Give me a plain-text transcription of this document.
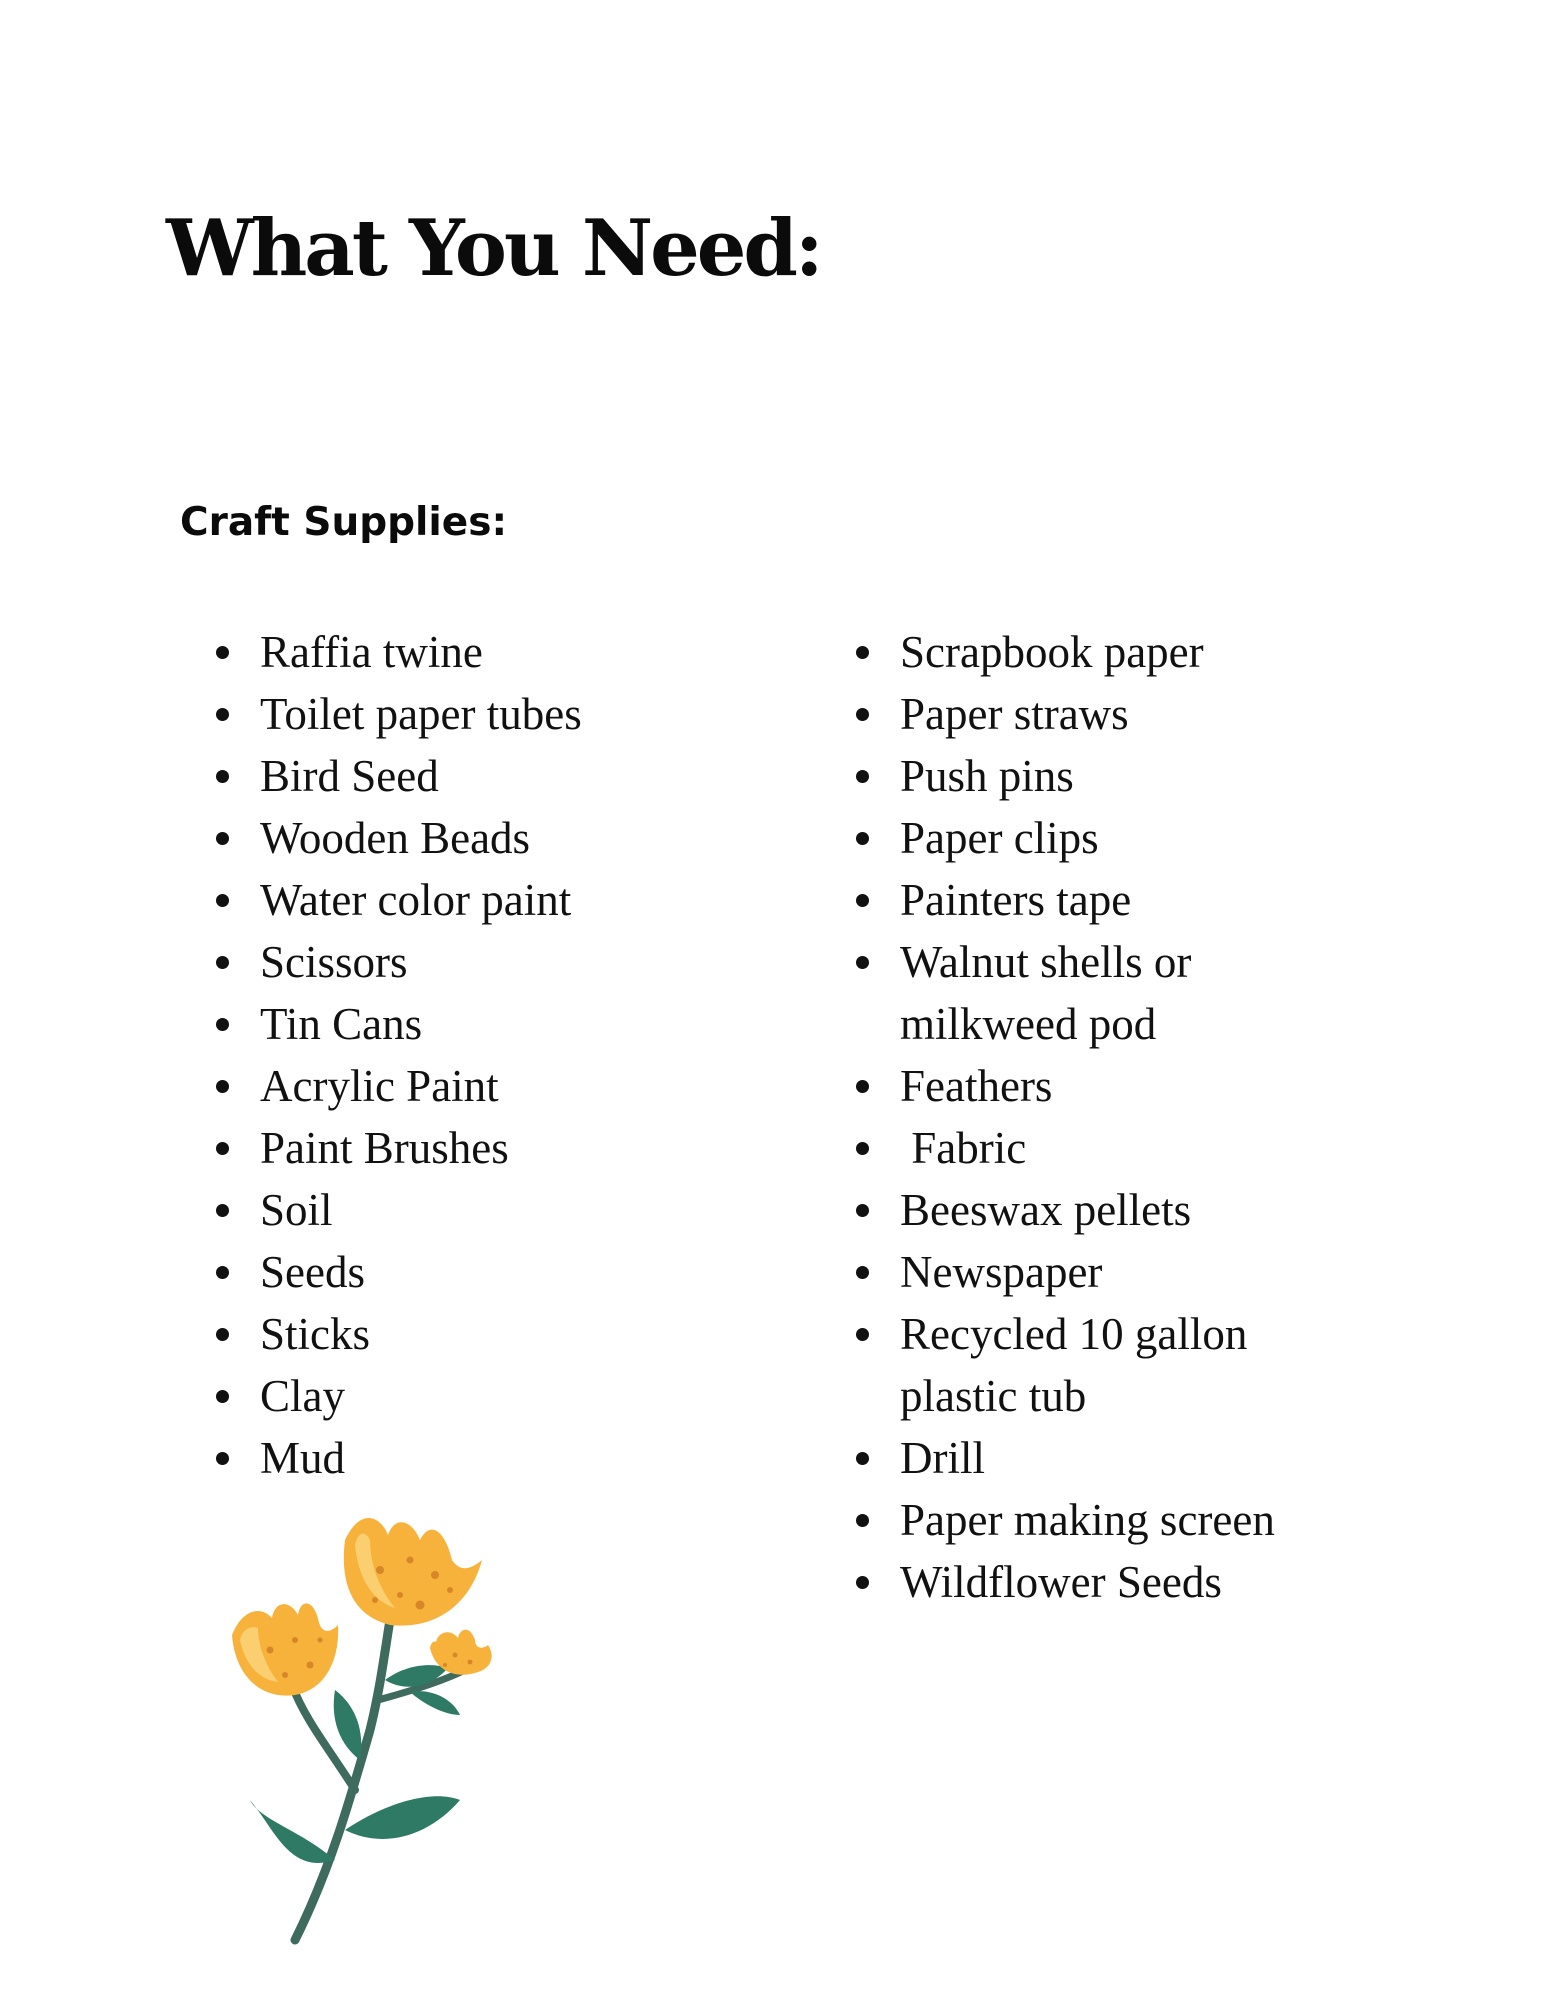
What You Need:
Craft Supplies:
Raffia twine
Toilet paper tubes
Bird Seed
Wooden Beads
Water color paint
Scissors
Tin Cans
Acrylic Paint
Paint Brushes
Soil
Seeds
Sticks
Clay
Mud
Scrapbook paper
Paper straws
Push pins
Paper clips
Painters tape
Walnut shells or milkweed pod
Feathers
Fabric
Beeswax pellets
Newspaper
Recycled 10 gallon plastic tub
Drill
Paper making screen
Wildflower Seeds
